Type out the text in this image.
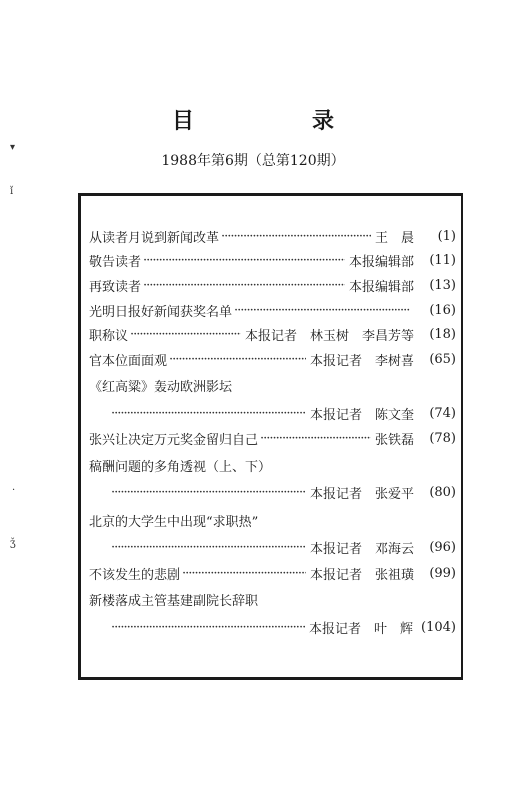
目　录
1988年第6期（总第120期）
▾
ǐ
·
ǯ
从读者月说到新闻改革 ·····	王　晨	(1)
敬告读者 ·····	本报编辑部	(11)
再致读者 ·····	本报编辑部	(13)
光明日报好新闻获奖名单 ·····	(16)
职称议 ·····	本报记者　林玉树　李昌芳等	(18)
官本位面面观 ·····	本报记者　李树喜	(65)
《红高粱》轰动欧洲影坛
·····
本报记者　陈文奎	(74)
张兴让决定万元奖金留归自己 ·····	张铁磊	(78)
稿酬问题的多角透视（上、下）
·····
本报记者　张爱平	(80)
北京的大学生中出现“求职热”
·····
本报记者　邓海云	(96)
不该发生的悲剧 ·····	本报记者　张祖璜	(99)
新楼落成主管基建副院长辞职
·····
本报记者　叶　辉 (104)
